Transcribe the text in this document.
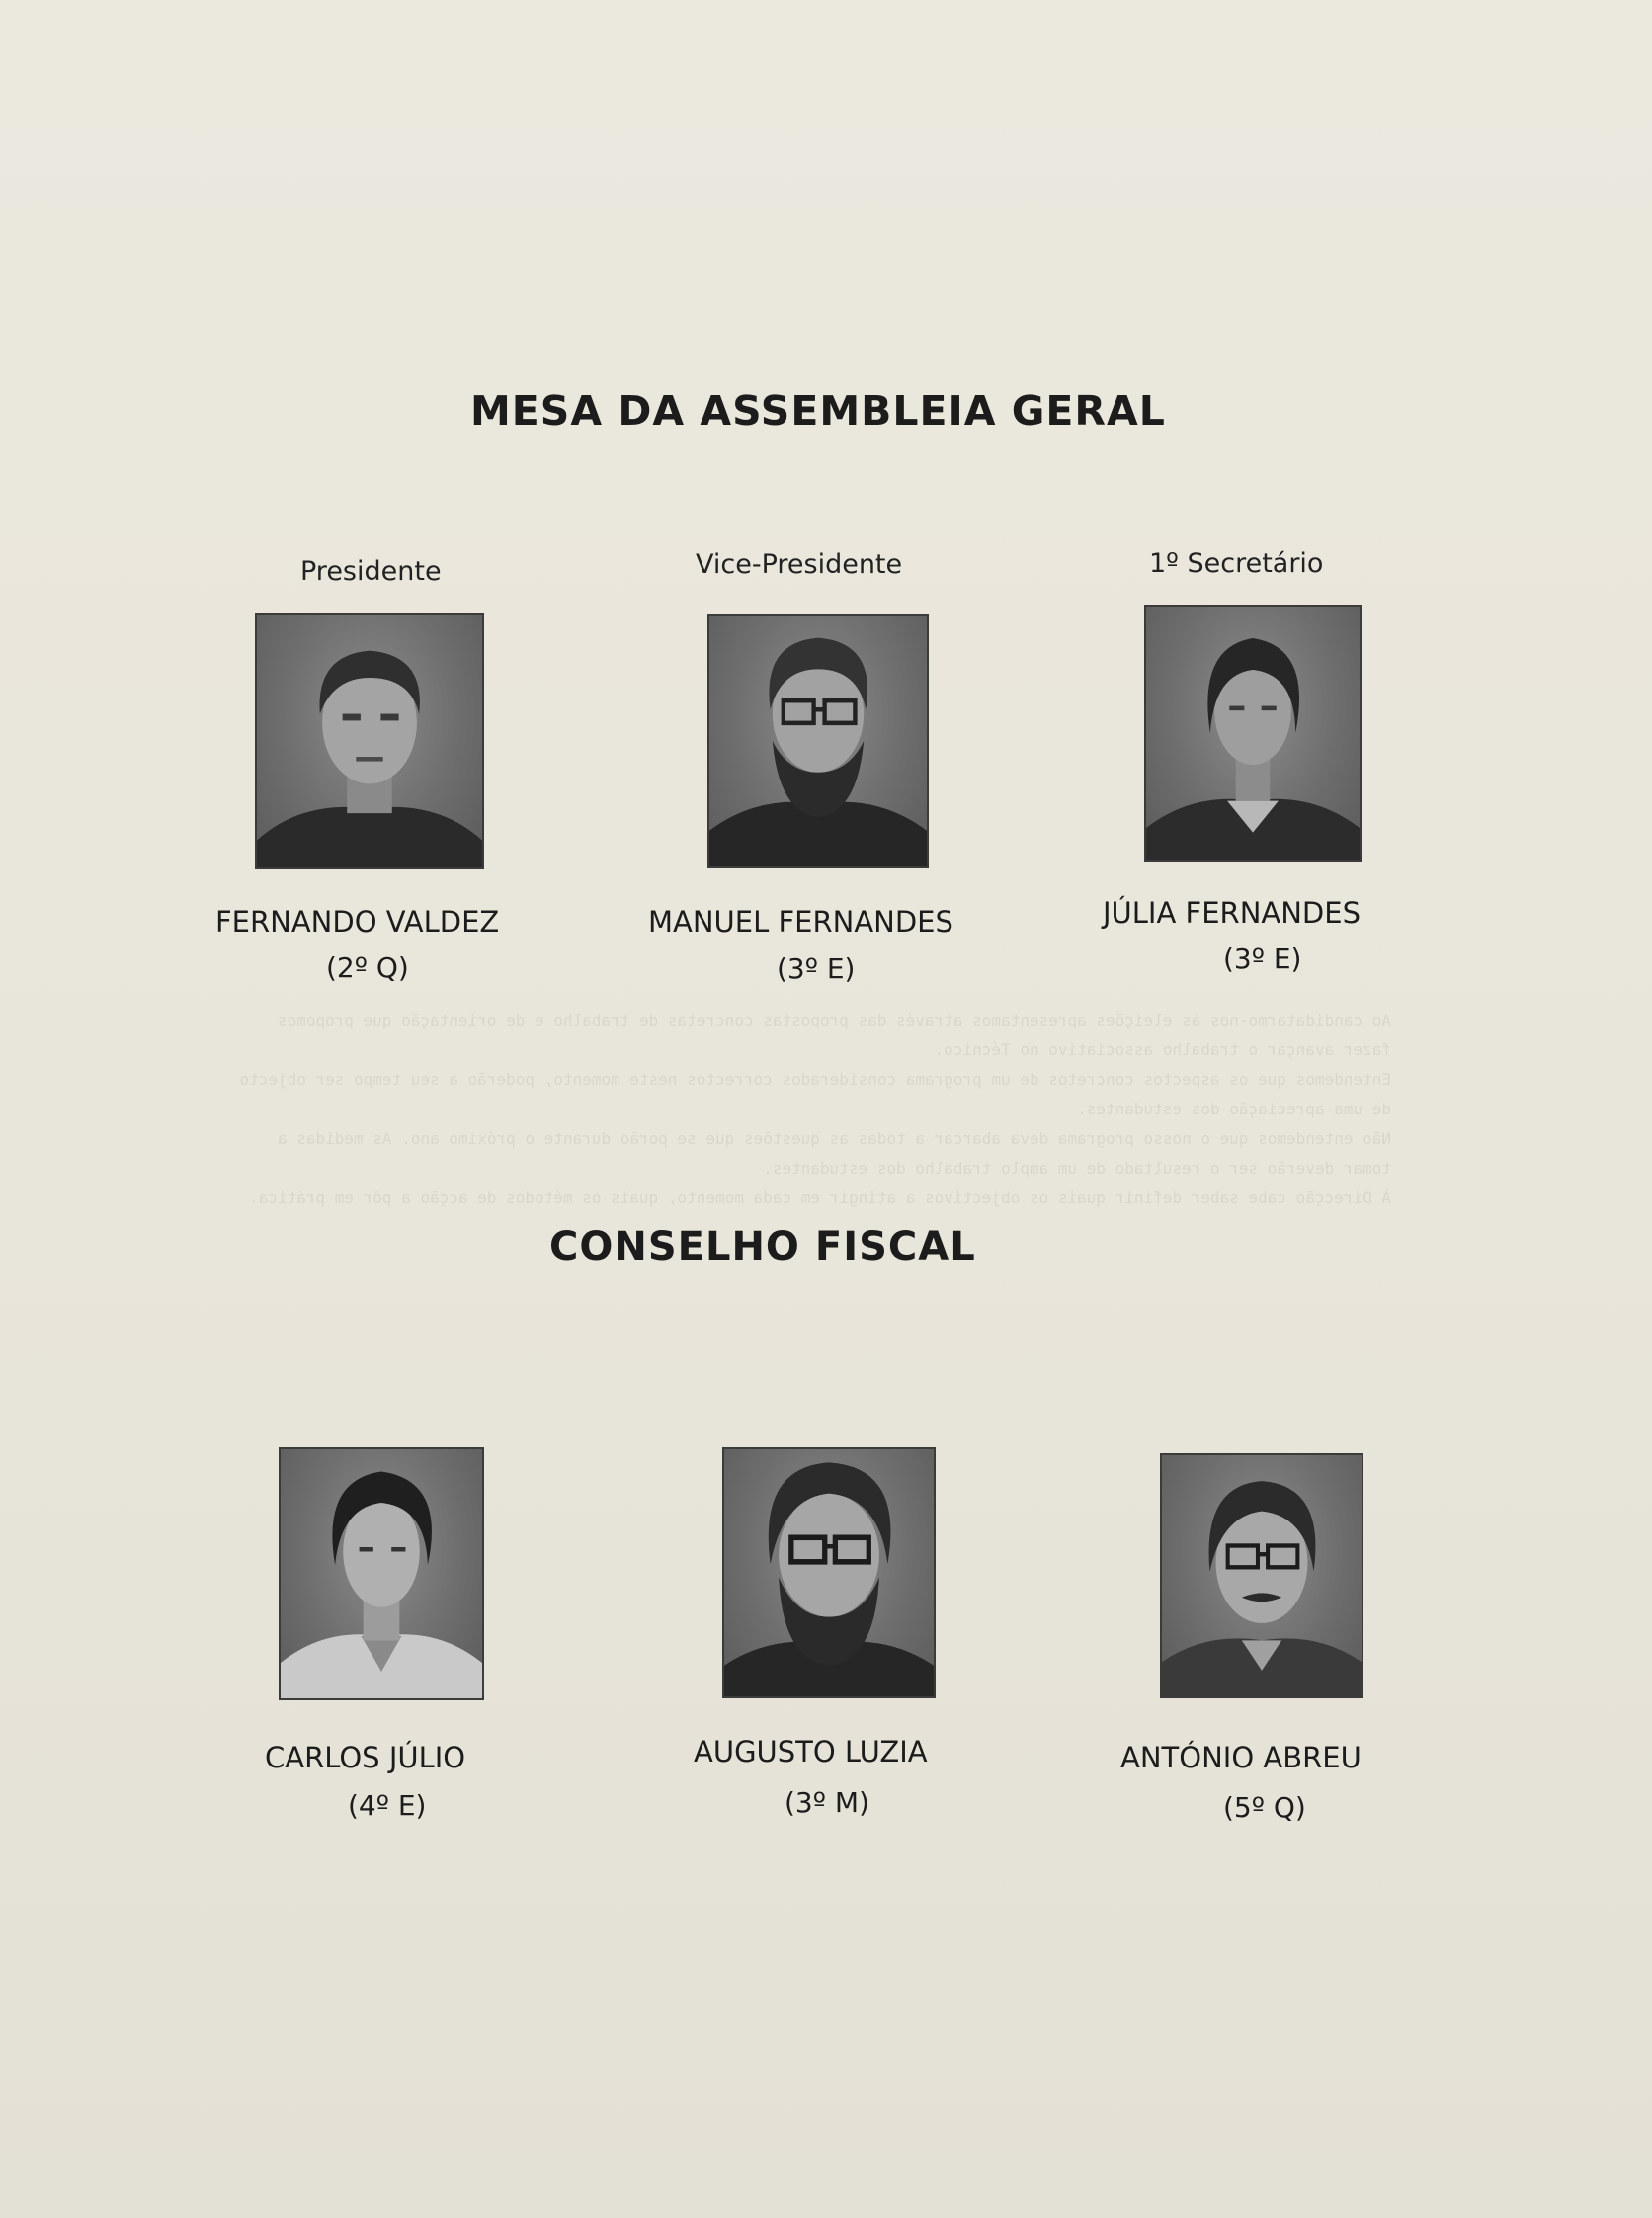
Ao candidatarmo-nos às eleições apresentamos através das propostas concretas de trabalho e de orientação que propomos fazer avançar o trabalho associativo no Técnico.
Entendemos que os aspectos concretos de um programa considerados correctos neste momento, poderão a seu tempo ser objecto de uma apreciação dos estudantes.
Não entendemos que o nosso programa deva abarcar a todas as questões que se porão durante o próximo ano. As medidas a tomar deverão ser o resultado de um amplo trabalho dos estudantes.
À Direcção cabe saber definir quais os objectivos a atingir em cada momento, quais os métodos de acção a pôr em prática.

MESA DA ASSEMBLEIA GERAL
Presidente
FERNANDO VALDEZ
(2º Q)
Vice-Presidente
MANUEL FERNANDES
(3º E)
1º Secretário
JÚLIA FERNANDES
(3º E)
CONSELHO FISCAL
CARLOS JÚLIO
(4º E)
AUGUSTO LUZIA
(3º M)
ANTÓNIO ABREU
(5º Q)
